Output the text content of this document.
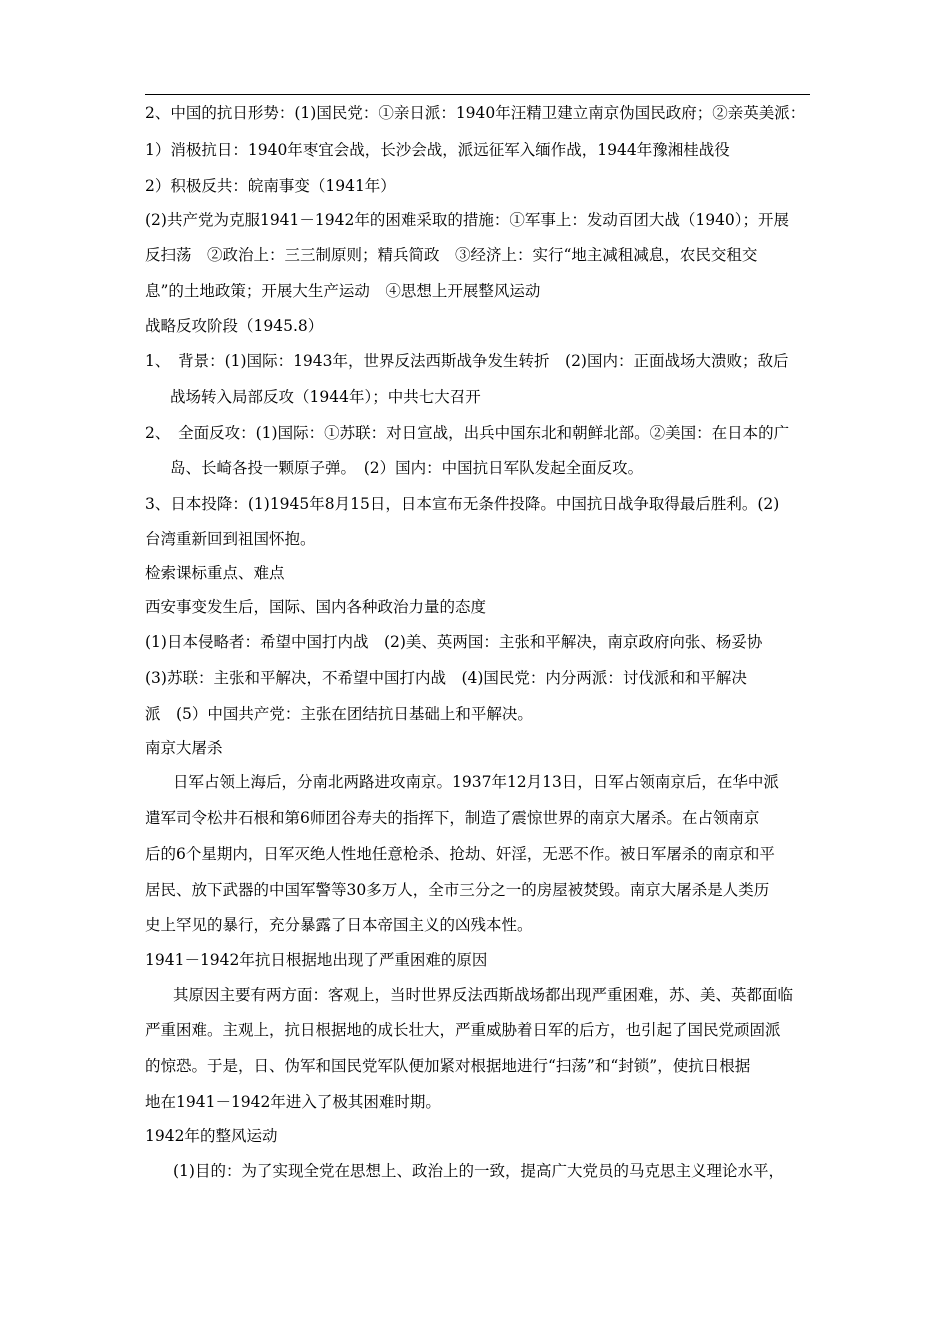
2、中国的抗日形势：(1)国民党：①亲日派：1940年汪精卫建立南京伪国民政府；②亲英美派：
1）消极抗日：1940年枣宜会战，长沙会战，派远征军入缅作战，1944年豫湘桂战役
2）积极反共：皖南事变（1941年）
(2)共产党为克服1941－1942年的困难采取的措施：①军事上：发动百团大战（1940）；开展
反扫荡　②政治上：三三制原则；精兵简政　③经济上：实行“地主减租减息，农民交租交
息”的土地政策；开展大生产运动　④思想上开展整风运动
战略反攻阶段（1945.8）
1、　背景：(1)国际：1943年，世界反法西斯战争发生转折　(2)国内：正面战场大溃败；敌后
战场转入局部反攻（1944年）；中共七大召开
2、　全面反攻：(1)国际：①苏联：对日宣战，出兵中国东北和朝鲜北部。②美国：在日本的广
岛、长崎各投一颗原子弹。　(2）国内：中国抗日军队发起全面反攻。
3、日本投降：(1)1945年8月15日，日本宣布无条件投降。中国抗日战争取得最后胜利。(2)
台湾重新回到祖国怀抱。
检索课标重点、难点
西安事变发生后，国际、国内各种政治力量的态度
(1)日本侵略者：希望中国打内战　(2)美、英两国：主张和平解决，南京政府向张、杨妥协
(3)苏联：主张和平解决，不希望中国打内战　(4)国民党：内分两派：讨伐派和和平解决
派　(5）中国共产党：主张在团结抗日基础上和平解决。
南京大屠杀
日军占领上海后，分南北两路进攻南京。1937年12月13日，日军占领南京后，在华中派
遣军司令松井石根和第6师团谷寿夫的指挥下，制造了震惊世界的南京大屠杀。在占领南京
后的6个星期内，日军灭绝人性地任意枪杀、抢劫、奸淫，无恶不作。被日军屠杀的南京和平
居民、放下武器的中国军警等30多万人，全市三分之一的房屋被焚毁。南京大屠杀是人类历
史上罕见的暴行，充分暴露了日本帝国主义的凶残本性。
1941－1942年抗日根据地出现了严重困难的原因
其原因主要有两方面：客观上，当时世界反法西斯战场都出现严重困难，苏、美、英都面临
严重困难。主观上，抗日根据地的成长壮大，严重威胁着日军的后方，也引起了国民党顽固派
的惊恐。于是，日、伪军和国民党军队便加紧对根据地进行“扫荡”和“封锁”，使抗日根据
地在1941－1942年进入了极其困难时期。
1942年的整风运动
(1)目的：为了实现全党在思想上、政治上的一致，提高广大党员的马克思主义理论水平，
